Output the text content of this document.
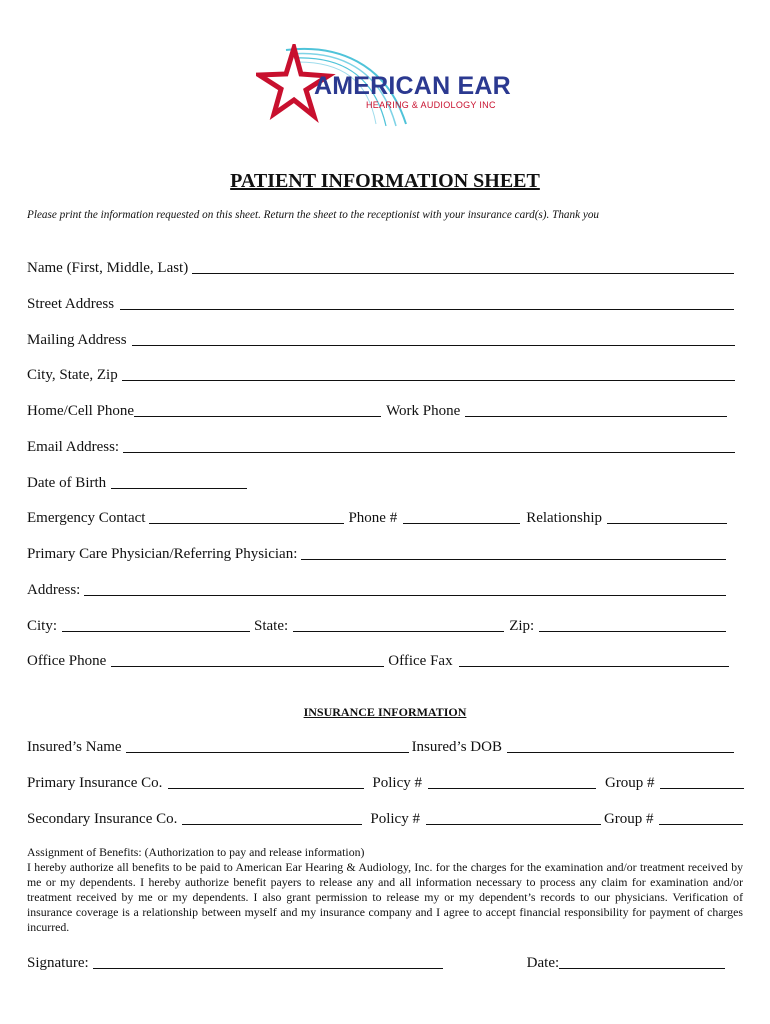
AMERICAN EAR
HEARING & AUDIOLOGY INC
PATIENT INFORMATION SHEET
Please print the information requested on this sheet. Return the sheet to the receptionist with your insurance card(s). Thank you
Name (First, Middle, Last)
Street Address
Mailing Address
City, State, Zip
Home/Cell Phone	Work Phone
Email Address:
Date of Birth
Emergency Contact	Phone #	Relationship
Primary Care Physician/Referring Physician:
Address:
City:	State:	Zip:
Office Phone	Office Fax
INSURANCE INFORMATION
Insured’s Name	Insured’s DOB
Primary Insurance Co.	Policy #	Group #
Secondary Insurance Co.	Policy #	Group #

Assignment of Benefits: (Authorization to pay and release information)

I hereby authorize all benefits to be paid to American Ear Hearing & Audiology, Inc. for the charges for the examination and/or treatment received by me or my dependents. I hereby authorize benefit payers to release any and all information necessary to process any claim for examination and/or treatment received by me or my dependents. I also grant permission to release my or my dependent’s records to our physicians. Verification of insurance coverage is a relationship between myself and my insurance company and I agree to accept financial responsibility for payment of charges incurred.

Signature:	Date:
